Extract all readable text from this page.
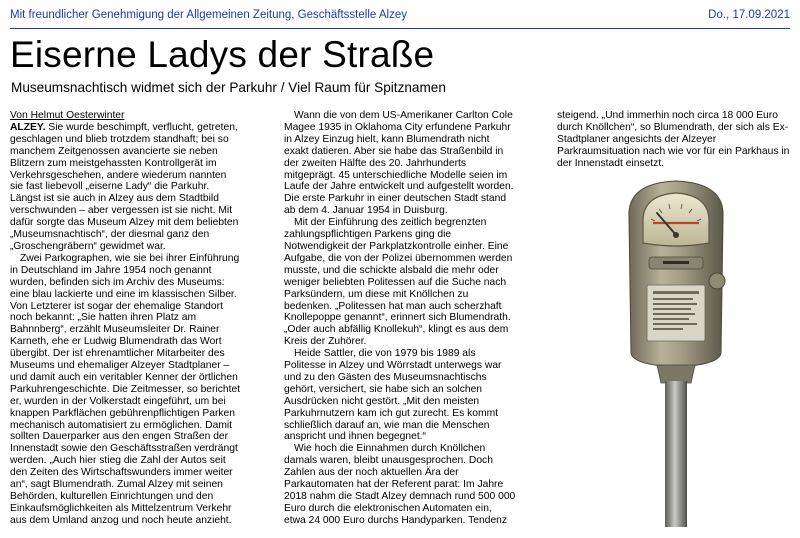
Mit freundlicher Genehmigung der Allgemeinen Zeitung, Geschäftsstelle Alzey	Do., 17.09.2021
Eiserne Ladys der Straße
Museumsnachtisch widmet sich der Parkuhr / Viel Raum für Spitznamen

Von Helmut Oesterwinter

ALZEY. Sie wurde beschimpft, verflucht, getreten,
geschlagen und blieb trotzdem standhaft; bei so
manchem Zeitgenossen avancierte sie neben
Blitzern zum meistgehassten Kontrollgerät im
Verkehrsgeschehen, andere wiederum nannten
sie fast liebevoll „eiserne Lady“ die Parkuhr.
Längst ist sie auch in Alzey aus dem Stadtbild
verschwunden – aber vergessen ist sie nicht. Mit
dafür sorgte das Museum Alzey mit dem beliebten
„Museumsnachtisch“, der diesmal ganz den
„Groschengräbern“ gewidmet war.

Zwei Parkographen, wie sie bei ihrer Einführung
in Deutschland im Jahre 1954 noch genannt
wurden, befinden sich im Archiv des Museums:
eine blau lackierte und eine im klassischen Silber.
Von Letzterer ist sogar der ehemalige Standort
noch bekannt: „Sie hatten ihren Platz am
Bahnnberg“, erzählt Museumsleiter Dr. Rainer
Karneth, ehe er Ludwig Blumendrath das Wort
übergibt. Der ist ehrenamtlicher Mitarbeiter des
Museums und ehemaliger Alzeyer Stadtplaner –
und damit auch ein veritabler Kenner der örtlichen
Parkuhrengeschichte. Die Zeitmesser, so berichtet
er, wurden in der Volkerstadt eingeführt, um bei
knappen Parkflächen gebührenpflichtigen Parken
mechanisch automatisiert zu ermöglichen. Damit
sollten Dauerparker aus den engen Straßen der
Innenstadt sowie den Geschäftsstraßen verdrängt
werden. „Auch hier stieg die Zahl der Autos seit
den Zeiten des Wirtschaftswunders immer weiter
an“, sagt Blumendrath. Zumal Alzey mit seinen
Behörden, kulturellen Einrichtungen und den
Einkaufsmöglichkeiten als Mittelzentrum Verkehr
aus dem Umland anzog und noch heute anzieht.

Wann die von dem US-Amerikaner Carlton Cole
Magee 1935 in Oklahoma City erfundene Parkuhr
in Alzey Einzug hielt, kann Blumendrath nicht
exakt datieren. Aber sie habe das Straßenbild in
der zweiten Hälfte des 20. Jahrhunderts
mitgeprägt. 45 unterschiedliche Modelle seien im
Laufe der Jahre entwickelt und aufgestellt worden.
Die erste Parkuhr in einer deutschen Stadt stand
ab dem 4. Januar 1954 in Duisburg.

Mit der Einführung des zeitlich begrenzten
zahlungspflichtigen Parkens ging die
Notwendigkeit der Parkplatzkontrolle einher. Eine
Aufgabe, die von der Polizei übernommen werden
musste, und die schickte alsbald die mehr oder
weniger beliebten Politessen auf die Suche nach
Parksündern, um diese mit Knöllchen zu
bedenken. „Politessen hat man auch scherzhaft
Knollepoppe genannt“, erinnert sich Blumendrath.
„Oder auch abfällig Knollekuh“, klingt es aus dem
Kreis der Zuhörer.

Heide Sattler, die von 1979 bis 1989 als
Politesse in Alzey und Wörrstadt unterwegs war
und zu den Gästen des Museumsnachtischs
gehört, versichert, sie habe sich an solchen
Ausdrücken nicht gestört. „Mit den meisten
Parkuhrnutzern kam ich gut zurecht. Es kommt
schließlich darauf an, wie man die Menschen
anspricht und ihnen begegnet.“

Wie hoch die Einnahmen durch Knöllchen
damals waren, bleibt unausgesprochen. Doch
Zahlen aus der noch aktuellen Ära der
Parkautomaten hat der Referent parat: Im Jahre
2018 nahm die Stadt Alzey demnach rund 500 000
Euro durch die elektronischen Automaten ein,
etwa 24 000 Euro durchs Handyparken. Tendenz

steigend. „Und immerhin noch circa 18 000 Euro
durch Knöllchen“, so Blumendrath, der sich als Ex-
Stadtplaner angesichts der Alzeyer
Parkraumsituation nach wie vor für ein Parkhaus in
der Innenstadt einsetzt.
